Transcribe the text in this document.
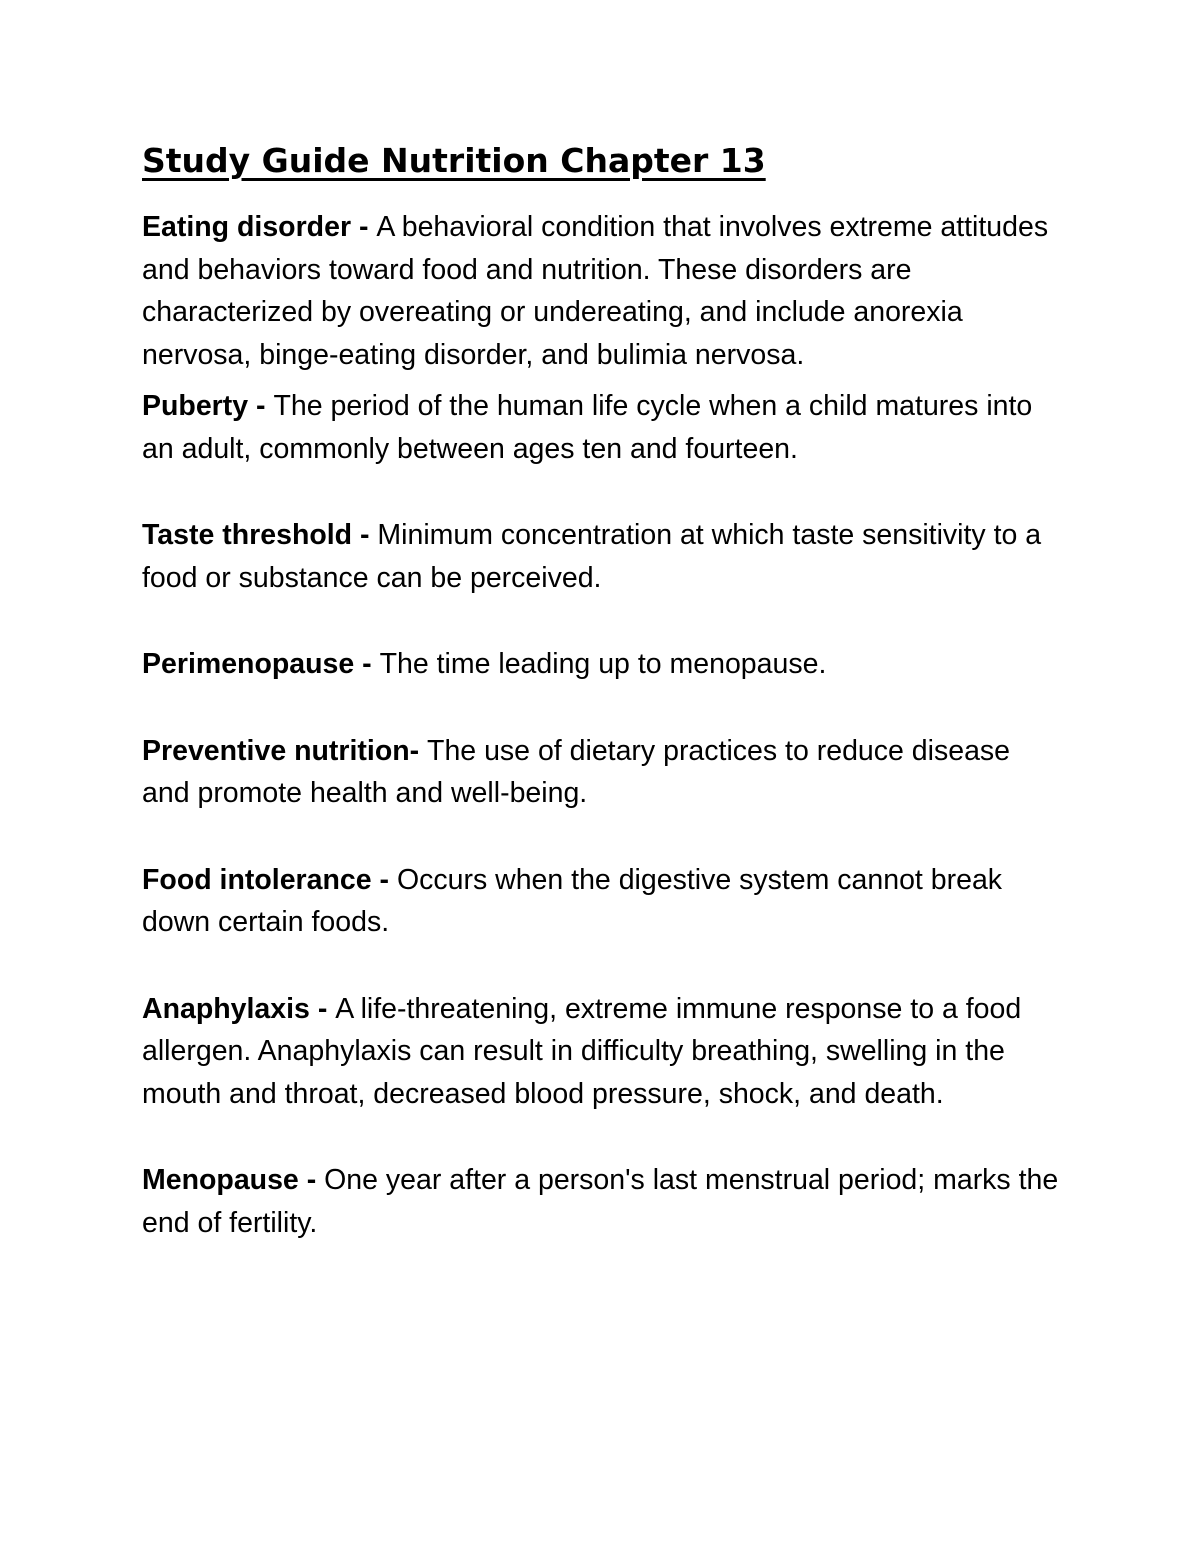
Study Guide Nutrition Chapter 13

Eating disorder - A behavioral condition that involves extreme attitudes and behaviors toward food and nutrition. These disorders are characterized by overeating or undereating, and include anorexia nervosa, binge-eating disorder, and bulimia nervosa.

Puberty - The period of the human life cycle when a child matures into an adult, commonly between ages ten and fourteen.

Taste threshold - Minimum concentration at which taste sensitivity to a food or substance can be perceived.

Perimenopause - The time leading up to menopause.

Preventive nutrition- The use of dietary practices to reduce disease and promote health and well-being.

Food intolerance - Occurs when the digestive system cannot break down certain foods.

Anaphylaxis - A life-threatening, extreme immune response to a food allergen. Anaphylaxis can result in difficulty breathing, swelling in the mouth and throat, decreased blood pressure, shock, and death.

Menopause - One year after a person's last menstrual period; marks the end of fertility.
